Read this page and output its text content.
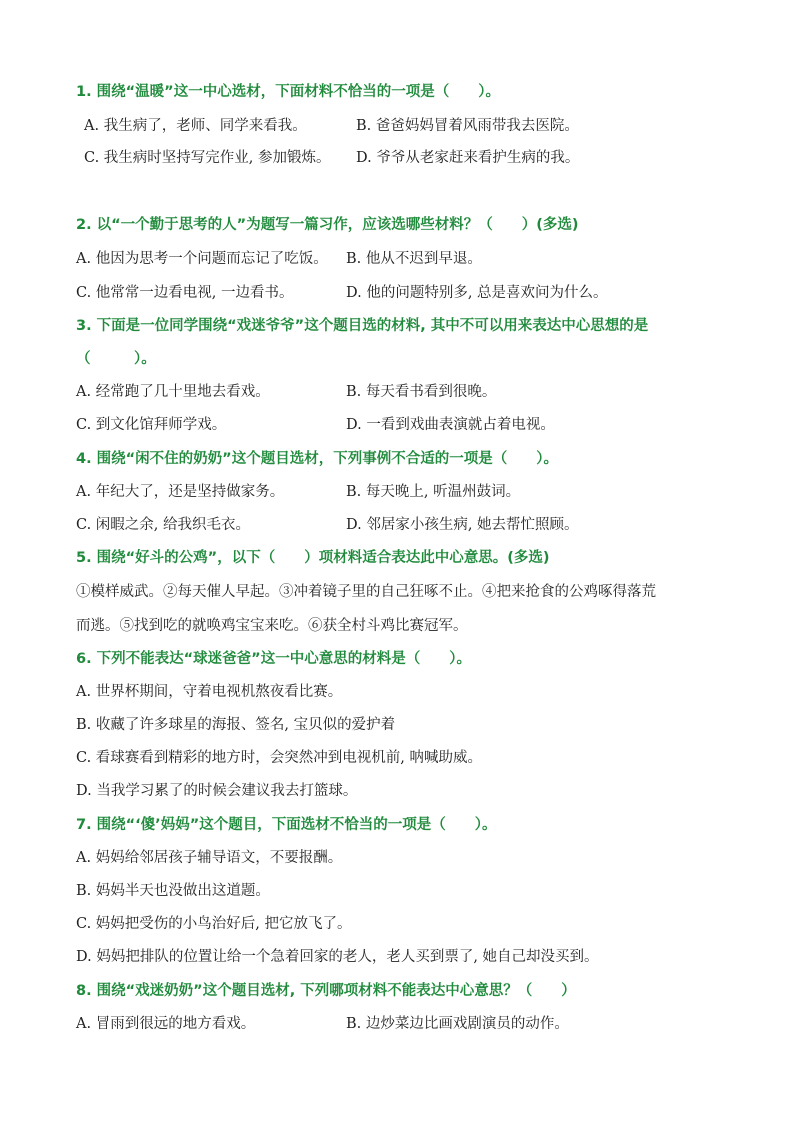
1. 围绕“温暖”这一中心选材，下面材料不恰当的一项是（　　）。
A. 我生病了，老师、同学来看我。	B. 爸爸妈妈冒着风雨带我去医院。
C. 我生病时坚持写完作业, 参加锻炼。 D. 爷爷从老家赶来看护生病的我。
2. 以“一个勤于思考的人”为题写一篇习作，应该选哪些材料？（　　）(多选)
A. 他因为思考一个问题而忘记了吃饭。 B. 他从不迟到早退。
C. 他常常一边看电视, 一边看书。	D. 他的问题特别多, 总是喜欢问为什么。
3. 下面是一位同学围绕“戏迷爷爷”这个题目选的材料, 其中不可以用来表达中心思想的是
（　　　）。
A. 经常跑了几十里地去看戏。	B. 每天看书看到很晚。
C. 到文化馆拜师学戏。	D. 一看到戏曲表演就占着电视。
4. 围绕“闲不住的奶奶”这个题目选材，下列事例不合适的一项是（　　）。
A. 年纪大了，还是坚持做家务。	B. 每天晚上, 听温州鼓词。
C. 闲暇之余, 给我织毛衣。	D. 邻居家小孩生病, 她去帮忙照顾。
5. 围绕“好斗的公鸡”，以下（　　）项材料适合表达此中心意思。(多选)
①模样威武。②每天催人早起。③冲着镜子里的自己狂啄不止。④把来抢食的公鸡啄得落荒
而逃。⑤找到吃的就唤鸡宝宝来吃。⑥获全村斗鸡比赛冠军。
6. 下列不能表达“球迷爸爸”这一中心意思的材料是（　　）。
A. 世界杯期间，守着电视机熬夜看比赛。
B. 收藏了许多球星的海报、签名, 宝贝似的爱护着
C. 看球赛看到精彩的地方时，会突然冲到电视机前, 呐喊助威。
D. 当我学习累了的时候会建议我去打篮球。
7. 围绕“‘傻’妈妈”这个题目，下面选材不恰当的一项是（　　）。
A. 妈妈给邻居孩子辅导语文，不要报酬。
B. 妈妈半天也没做出这道题。
C. 妈妈把受伤的小鸟治好后, 把它放飞了。
D. 妈妈把排队的位置让给一个急着回家的老人，老人买到票了, 她自己却没买到。
8. 围绕“戏迷奶奶”这个题目选材, 下列哪项材料不能表达中心意思？（　　）
A. 冒雨到很远的地方看戏。	B. 边炒菜边比画戏剧演员的动作。
